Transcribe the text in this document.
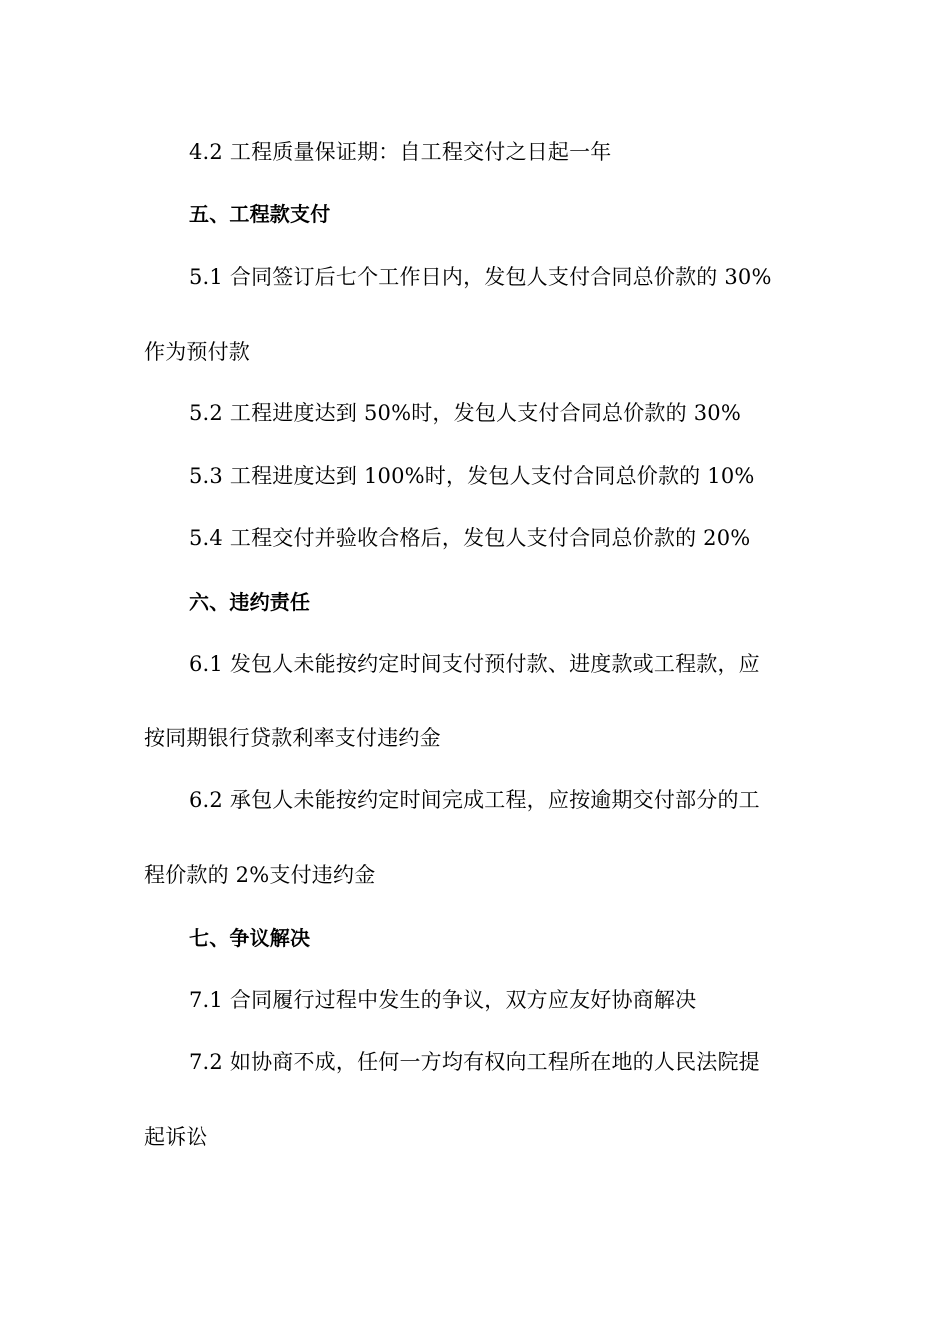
4.2 工程质量保证期：自工程交付之日起一年
五、工程款支付
5.1 合同签订后七个工作日内，发包人支付合同总价款的 30%
作为预付款
5.2 工程进度达到 50%时，发包人支付合同总价款的 30%
5.3 工程进度达到 100%时，发包人支付合同总价款的 10%
5.4 工程交付并验收合格后，发包人支付合同总价款的 20%
六、违约责任
6.1 发包人未能按约定时间支付预付款、进度款或工程款，应
按同期银行贷款利率支付违约金
6.2 承包人未能按约定时间完成工程，应按逾期交付部分的工
程价款的 2%支付违约金
七、争议解决
7.1 合同履行过程中发生的争议，双方应友好协商解决
7.2 如协商不成，任何一方均有权向工程所在地的人民法院提
起诉讼
